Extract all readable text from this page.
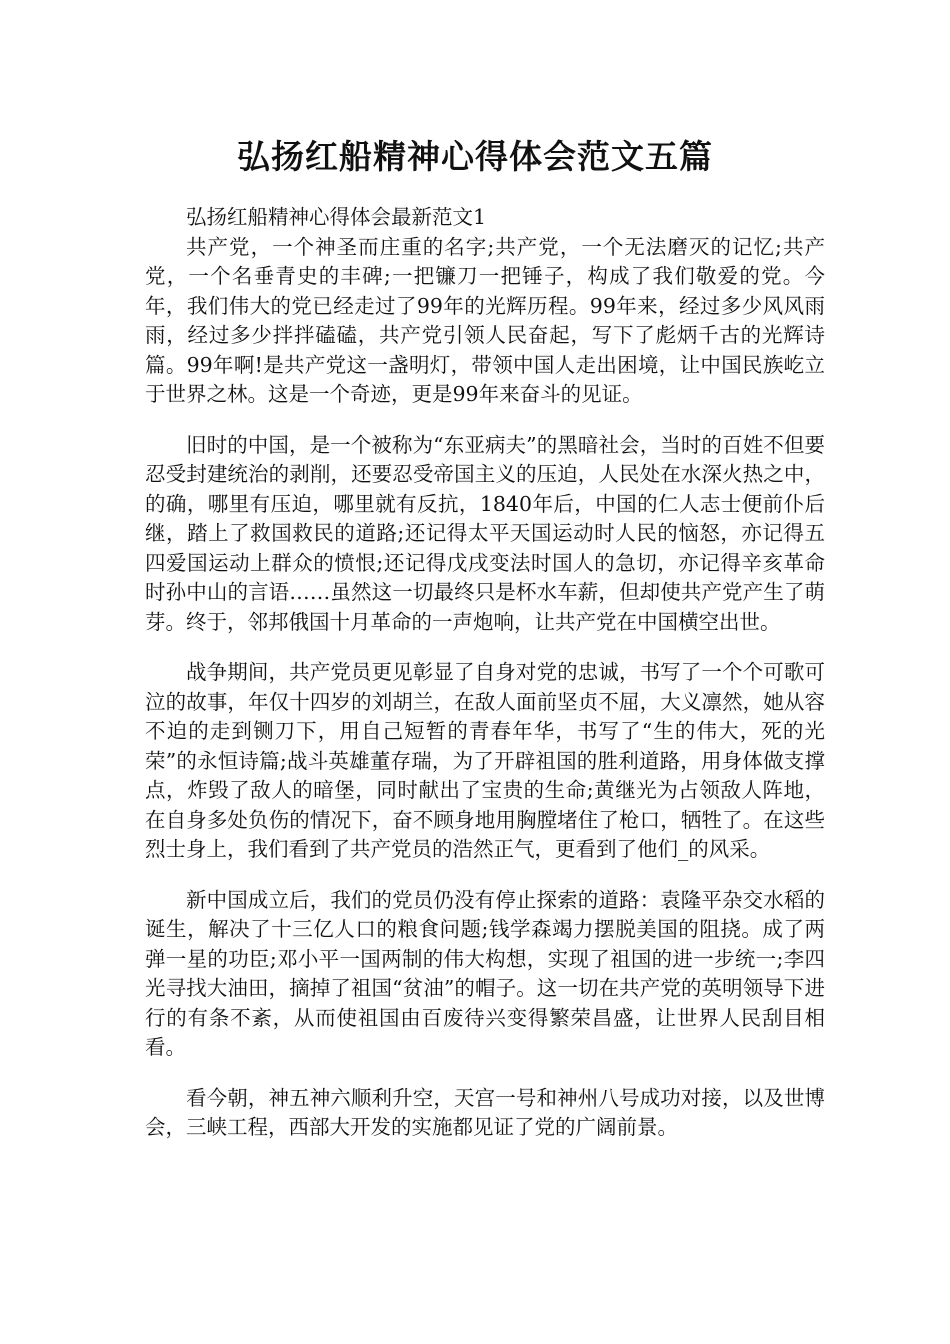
弘扬红船精神心得体会范文五篇

弘扬红船精神心得体会最新范文1

共产党，一个神圣而庄重的名字;共产党，一个无法磨灭的记忆;共产党，一个名垂青史的丰碑;一把镰刀一把锤子，构成了我们敬爱的党。今年，我们伟大的党已经走过了99年的光辉历程。99年来，经过多少风风雨雨，经过多少拌拌磕磕，共产党引领人民奋起，写下了彪炳千古的光辉诗篇。99年啊!是共产党这一盏明灯，带领中国人走出困境，让中国民族屹立于世界之林。这是一个奇迹，更是99年来奋斗的见证。

旧时的中国，是一个被称为“东亚病夫”的黑暗社会，当时的百姓不但要忍受封建统治的剥削，还要忍受帝国主义的压迫，人民处在水深火热之中，的确，哪里有压迫，哪里就有反抗，1840年后，中国的仁人志士便前仆后继，踏上了救国救民的道路;还记得太平天国运动时人民的恼怒，亦记得五四爱国运动上群众的愤恨;还记得戊戌变法时国人的急切，亦记得辛亥革命时孙中山的言语……虽然这一切最终只是杯水车薪，但却使共产党产生了萌芽。终于，邻邦俄国十月革命的一声炮响，让共产党在中国横空出世。

战争期间，共产党员更见彰显了自身对党的忠诚，书写了一个个可歌可泣的故事，年仅十四岁的刘胡兰，在敌人面前坚贞不屈，大义凛然，她从容不迫的走到铡刀下，用自己短暂的青春年华，书写了“生的伟大，死的光荣”的永恒诗篇;战斗英雄董存瑞，为了开辟祖国的胜利道路，用身体做支撑点，炸毁了敌人的暗堡，同时献出了宝贵的生命;黄继光为占领敌人阵地，在自身多处负伤的情况下，奋不顾身地用胸膛堵住了枪口，牺牲了。在这些烈士身上，我们看到了共产党员的浩然正气，更看到了他们_的风采。

新中国成立后，我们的党员仍没有停止探索的道路：袁隆平杂交水稻的诞生，解决了十三亿人口的粮食问题;钱学森竭力摆脱美国的阻挠。成了两弹一星的功臣;邓小平一国两制的伟大构想，实现了祖国的进一步统一;李四光寻找大油田，摘掉了祖国“贫油”的帽子。这一切在共产党的英明领导下进行的有条不紊，从而使祖国由百废待兴变得繁荣昌盛，让世界人民刮目相看。

看今朝，神五神六顺利升空，天宫一号和神州八号成功对接，以及世博会，三峡工程，西部大开发的实施都见证了党的广阔前景。
